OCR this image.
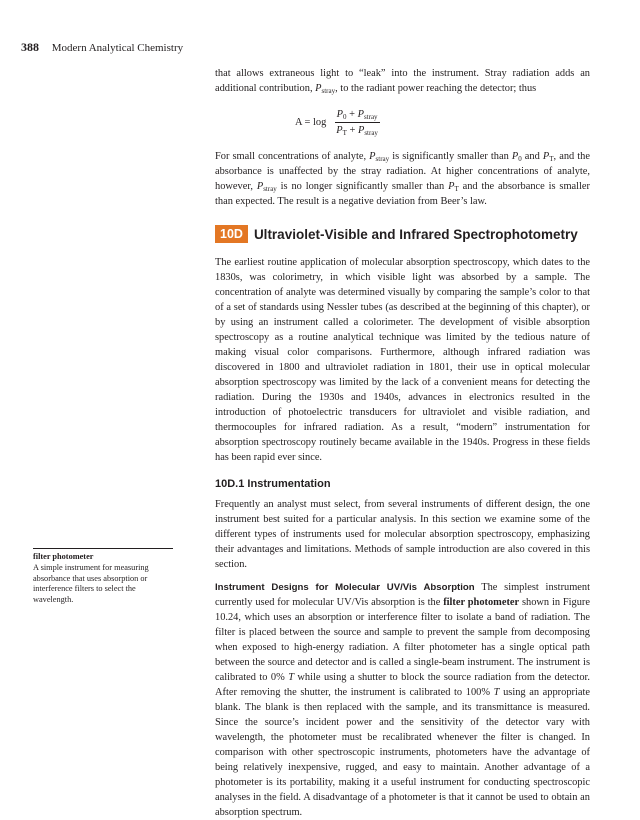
388 Modern Analytical Chemistry

that allows extraneous light to “leak” into the instrument. Stray radiation adds an additional contribution, $P_{stray}$, to the radiant power reaching the detector; thus

$A = \log \frac{P_0 + P_{stray}}{P_T + P_{stray}}$

For small concentrations of analyte, $P_{stray}$ is significantly smaller than $P_0$ and $P_T$, and the absorbance is unaffected by the stray radiation. At higher concentrations of analyte, however, $P_{stray}$ is no longer significantly smaller than $P_T$ and the absorbance is smaller than expected. The result is a negative deviation from Beer’s law.

10D Ultraviolet-Visible and Infrared Spectrophotometry

The earliest routine application of molecular absorption spectroscopy, which dates to the 1830s, was colorimetry, in which visible light was absorbed by a sample. The concentration of analyte was determined visually by comparing the sample’s color to that of a set of standards using Nessler tubes (as described at the beginning of this chapter), or by using an instrument called a colorimeter. The development of visible absorption spectroscopy as a routine analytical technique was limited by the tedious nature of making visual color comparisons. Furthermore, although infrared radiation was discovered in 1800 and ultraviolet radiation in 1801, their use in optical molecular absorption spectroscopy was limited by the lack of a convenient means for detecting the radiation. During the 1930s and 1940s, advances in electronics resulted in the introduction of photoelectric transducers for ultraviolet and visible radiation, and thermocouples for infrared radiation. As a result, “modern” instrumentation for absorption spectroscopy routinely became available in the 1940s. Progress in these fields has been rapid ever since.

10D.1 Instrumentation

Frequently an analyst must select, from several instruments of different design, the one instrument best suited for a particular analysis. In this section we examine some of the different types of instruments used for molecular absorption spectroscopy, emphasizing their advantages and limitations. Methods of sample introduction are also covered in this section.

Instrument Designs for Molecular UV/Vis Absorption The simplest instrument currently used for molecular UV/Vis absorption is the filter photometer shown in Figure 10.24, which uses an absorption or interference filter to isolate a band of radiation. The filter is placed between the source and sample to prevent the sample from decomposing when exposed to high-energy radiation. A filter photometer has a single optical path between the source and detector and is called a single-beam instrument. The instrument is calibrated to 0% T while using a shutter to block the source radiation from the detector. After removing the shutter, the instrument is calibrated to 100% T using an appropriate blank. The blank is then replaced with the sample, and its transmittance is measured. Since the source’s incident power and the sensitivity of the detector vary with wavelength, the photometer must be recalibrated whenever the filter is changed. In comparison with other spectroscopic instruments, photometers have the advantage of being relatively inexpensive, rugged, and easy to maintain. Another advantage of a photometer is its portability, making it a useful instrument for conducting spectroscopic analyses in the field. A disadvantage of a photometer is that it cannot be used to obtain an absorption spectrum.

filter photometer
A simple instrument for measuring absorbance that uses absorption or interference filters to select the wavelength.
